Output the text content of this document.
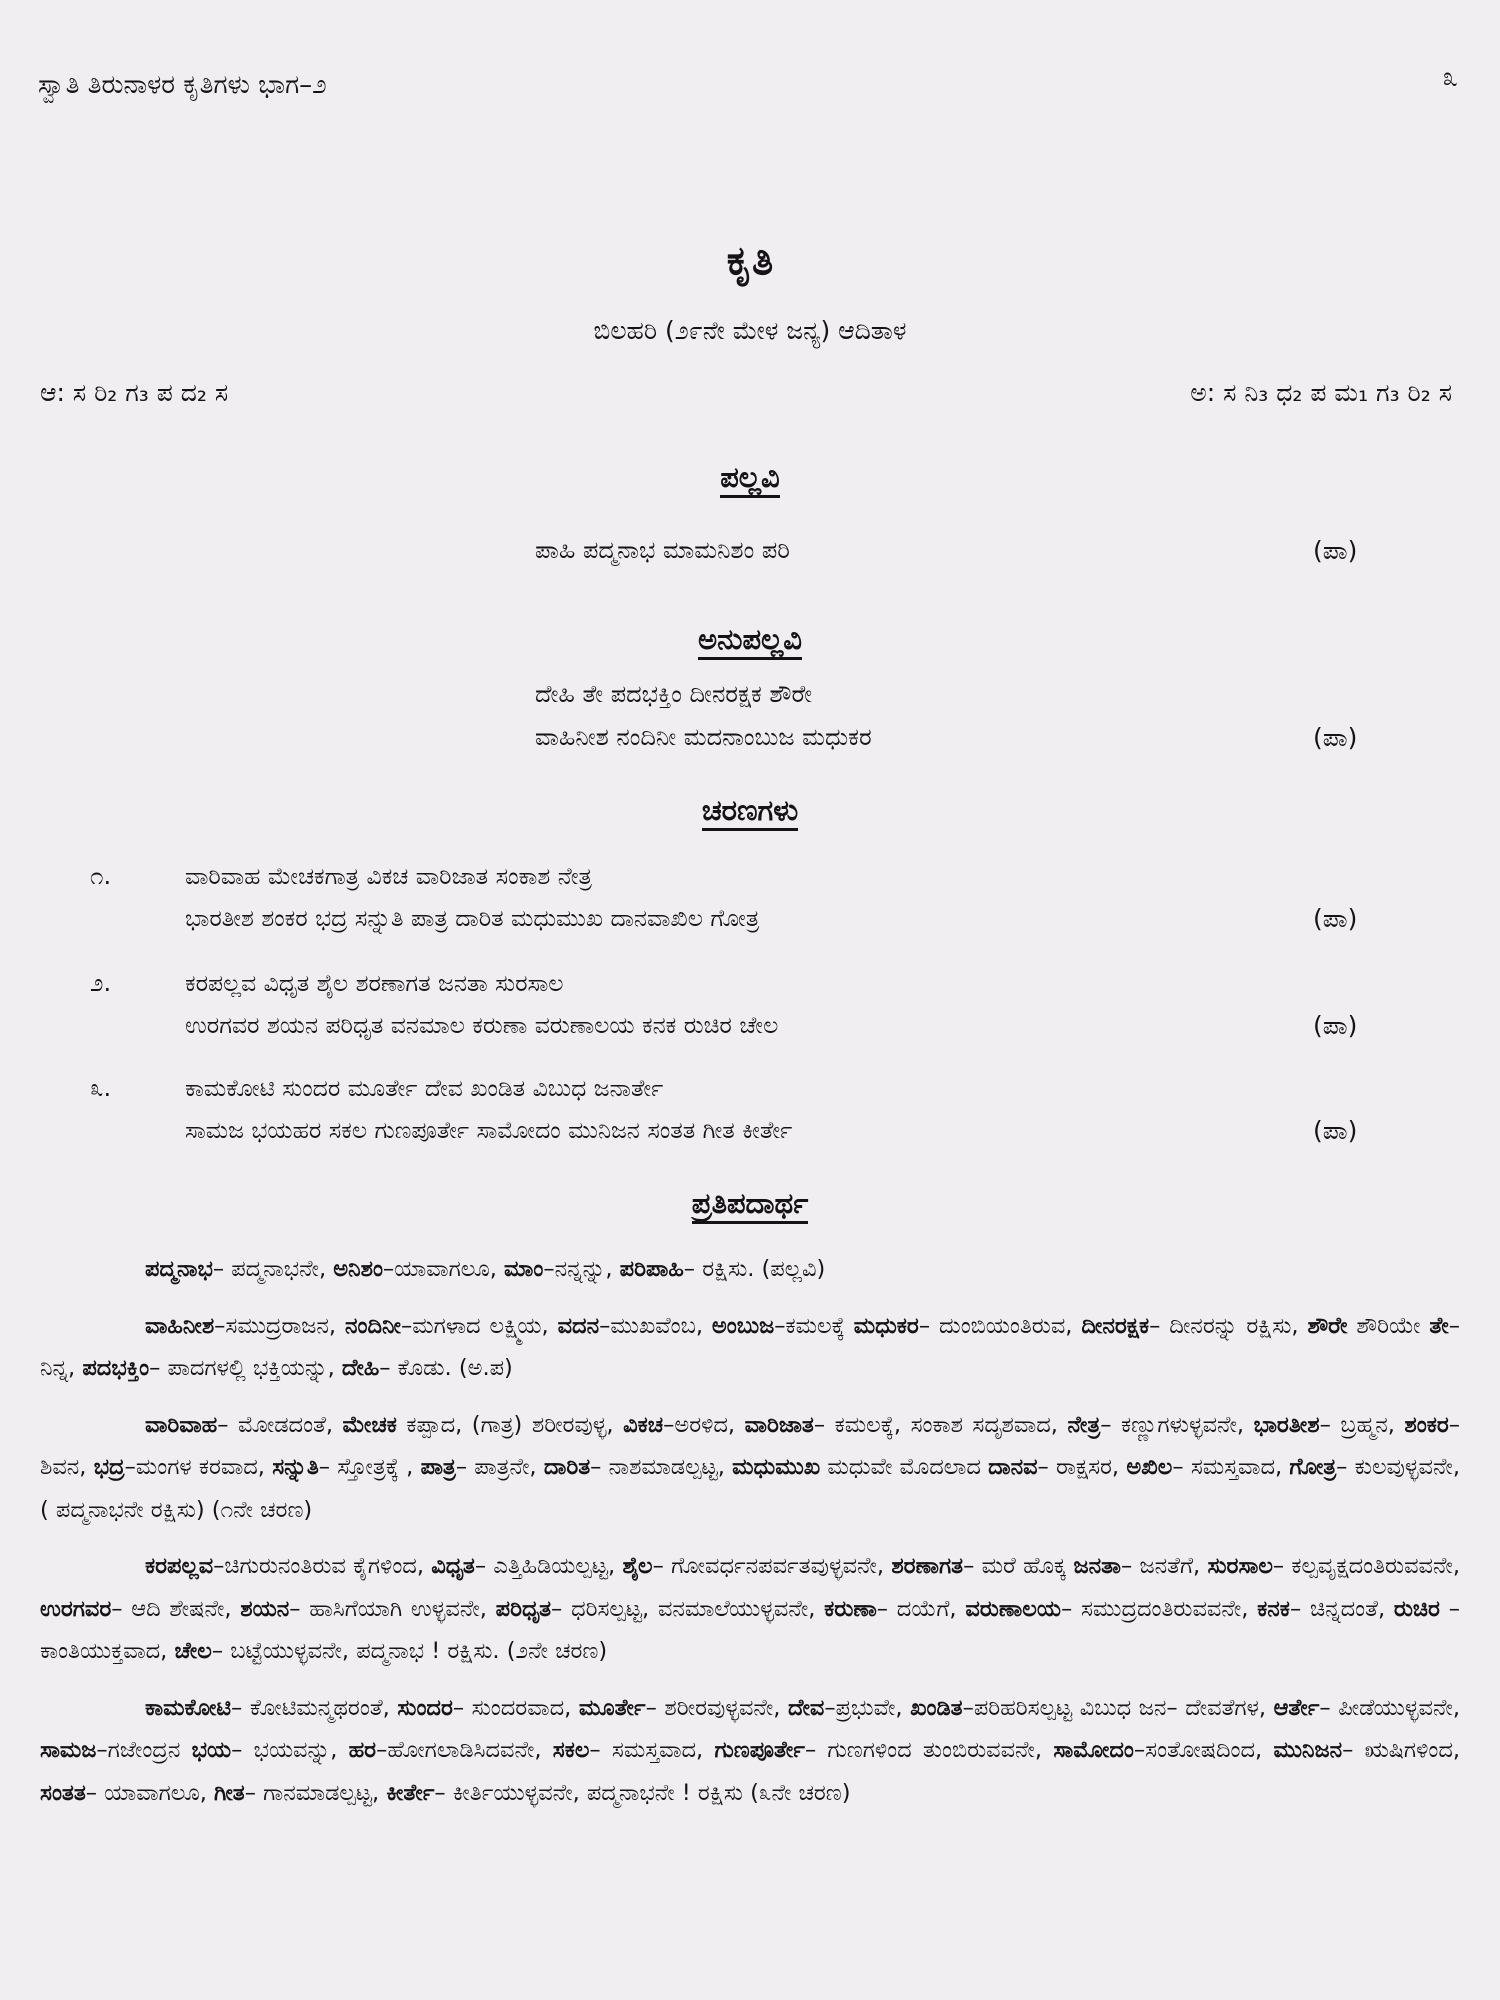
ಸ್ವಾತಿ ತಿರುನಾಳರ ಕೃತಿಗಳು ಭಾಗ–೨	೩
ಕೃತಿ
ಬಿಲಹರಿ (೨೯ನೇ ಮೇಳ ಜನ್ಯ) ಆದಿತಾಳ
ಆ: ಸ ರಿ₂ ಗ₃ ಪ ದ₂ ಸ	ಅ: ಸ ನಿ₃ ಧ₂ ಪ ಮ₁ ಗ₃ ರಿ₂ ಸ
ಪಲ್ಲವಿ
ಪಾಹಿ ಪದ್ಮನಾಭ ಮಾಮನಿಶಂ ಪರಿ	(ಪಾ)
ಅನುಪಲ್ಲವಿ
ದೇಹಿ ತೇ ಪದಭಕ್ತಿಂ ದೀನರಕ್ಷಕ ಶೌರೇ
ವಾಹಿನೀಶ ನಂದಿನೀ ಮದನಾಂಬುಜ ಮಧುಕರ	(ಪಾ)
ಚರಣಗಳು
೧.	ವಾರಿವಾಹ ಮೇಚಕಗಾತ್ರ ವಿಕಚ ವಾರಿಜಾತ ಸಂಕಾಶ ನೇತ್ರ
ಭಾರತೀಶ ಶಂಕರ ಭದ್ರ ಸನ್ನುತಿ ಪಾತ್ರ ದಾರಿತ ಮಧುಮುಖ ದಾನವಾಖಿಲ ಗೋತ್ರ	(ಪಾ)
೨.	ಕರಪಲ್ಲವ ವಿಧೃತ ಶೈಲ ಶರಣಾಗತ ಜನತಾ ಸುರಸಾಲ
ಉರಗವರ ಶಯನ ಪರಿಧೃತ ವನಮಾಲ ಕರುಣಾ ವರುಣಾಲಯ ಕನಕ ರುಚಿರ ಚೇಲ	(ಪಾ)
೩.	ಕಾಮಕೋಟಿ ಸುಂದರ ಮೂರ್ತೇ ದೇವ ಖಂಡಿತ ವಿಬುಧ ಜನಾರ್ತೇ
ಸಾಮಜ ಭಯಹರ ಸಕಲ ಗುಣಪೂರ್ತೇ ಸಾಮೋದಂ ಮುನಿಜನ ಸಂತತ ಗೀತ ಕೀರ್ತೇ	(ಪಾ)
ಪ್ರತಿಪದಾರ್ಥ

ಪದ್ಮನಾಭ– ಪದ್ಮನಾಭನೇ, ಅನಿಶಂ–ಯಾವಾಗಲೂ, ಮಾಂ–ನನ್ನನ್ನು, ಪರಿಪಾಹಿ– ರಕ್ಷಿಸು. (ಪಲ್ಲವಿ)

ವಾಹಿನೀಶ–ಸಮುದ್ರರಾಜನ, ನಂದಿನೀ–ಮಗಳಾದ ಲಕ್ಷ್ಮಿಯ, ವದನ–ಮುಖವೆಂಬ, ಅಂಬುಜ–ಕಮಲಕ್ಕೆ ಮಧುಕರ– ದುಂಬಿಯಂತಿರುವ, ದೀನರಕ್ಷಕ– ದೀನರನ್ನು ರಕ್ಷಿಸು, ಶೌರೇ ಶೌರಿಯೇ ತೇ– ನಿನ್ನ, ಪದಭಕ್ತಿಂ– ಪಾದಗಳಲ್ಲಿ ಭಕ್ತಿಯನ್ನು, ದೇಹಿ– ಕೊಡು. (ಅ.ಪ)

ವಾರಿವಾಹ– ಮೋಡದಂತೆ, ಮೇಚಕ ಕಪ್ಪಾದ, (ಗಾತ್ರ) ಶರೀರವುಳ್ಳ, ವಿಕಚ–ಅರಳಿದ, ವಾರಿಜಾತ– ಕಮಲಕ್ಕೆ, ಸಂಕಾಶ ಸದೃಶವಾದ, ನೇತ್ರ– ಕಣ್ಣುಗಳುಳ್ಳವನೇ, ಭಾರತೀಶ– ಬ್ರಹ್ಮನ, ಶಂಕರ– ಶಿವನ, ಭದ್ರ–ಮಂಗಳ ಕರವಾದ, ಸನ್ನುತಿ– ಸ್ತೋತ್ರಕ್ಕೆ , ಪಾತ್ರ– ಪಾತ್ರನೇ, ದಾರಿತ– ನಾಶಮಾಡಲ್ಪಟ್ಟ, ಮಧುಮುಖ ಮಧುವೇ ಮೊದಲಾದ ದಾನವ– ರಾಕ್ಷಸರ, ಅಖಿಲ– ಸಮಸ್ತವಾದ, ಗೋತ್ರ– ಕುಲವುಳ್ಳವನೇ, ( ಪದ್ಮನಾಭನೇ ರಕ್ಷಿಸು) (೧ನೇ ಚರಣ)

ಕರಪಲ್ಲವ–ಚಿಗುರುನಂತಿರುವ ಕೈಗಳಿಂದ, ವಿಧೃತ– ಎತ್ತಿಹಿಡಿಯಲ್ಪಟ್ಟ, ಶೈಲ– ಗೋವರ್ಧನಪರ್ವತವುಳ್ಳವನೇ, ಶರಣಾಗತ– ಮರೆ ಹೊಕ್ಕ ಜನತಾ– ಜನತೆಗೆ, ಸುರಸಾಲ– ಕಲ್ಪವೃಕ್ಷದಂತಿರುವವನೇ, ಉರಗವರ– ಆದಿ ಶೇಷನೇ, ಶಯನ– ಹಾಸಿಗೆಯಾಗಿ ಉಳ್ಳವನೇ, ಪರಿಧೃತ– ಧರಿಸಲ್ಪಟ್ಟ, ವನಮಾಲೆಯುಳ್ಳವನೇ, ಕರುಣಾ– ದಯೆಗೆ, ವರುಣಾಲಯ– ಸಮುದ್ರದಂತಿರುವವನೇ, ಕನಕ– ಚಿನ್ನದಂತೆ, ರುಚಿರ – ಕಾಂತಿಯುಕ್ತವಾದ, ಚೇಲ– ಬಟ್ಟೆಯುಳ್ಳವನೇ, ಪದ್ಮನಾಭ ! ರಕ್ಷಿಸು. (೨ನೇ ಚರಣ)

ಕಾಮಕೋಟಿ– ಕೋಟಿಮನ್ಮಥರಂತೆ, ಸುಂದರ– ಸುಂದರವಾದ, ಮೂರ್ತೇ– ಶರೀರವುಳ್ಳವನೇ, ದೇವ–ಪ್ರಭುವೇ, ಖಂಡಿತ–ಪರಿಹರಿಸಲ್ಪಟ್ಟ ವಿಬುಧ ಜನ– ದೇವತೆಗಳ, ಆರ್ತೇ– ಪೀಡೆಯುಳ್ಳವನೇ, ಸಾಮಜ–ಗಜೇಂದ್ರನ ಭಯ– ಭಯವನ್ನು, ಹರ–ಹೋಗಲಾಡಿಸಿದವನೇ, ಸಕಲ– ಸಮಸ್ತವಾದ, ಗುಣಪೂರ್ತೇ– ಗುಣಗಳಿಂದ ತುಂಬಿರುವವನೇ, ಸಾಮೋದಂ–ಸಂತೋಷದಿಂದ, ಮುನಿಜನ– ಋಷಿಗಳಿಂದ, ಸಂತತ– ಯಾವಾಗಲೂ, ಗೀತ– ಗಾನಮಾಡಲ್ಪಟ್ಟ, ಕೀರ್ತೇ– ಕೀರ್ತಿಯುಳ್ಳವನೇ, ಪದ್ಮನಾಭನೇ ! ರಕ್ಷಿಸು (೩ನೇ ಚರಣ)
